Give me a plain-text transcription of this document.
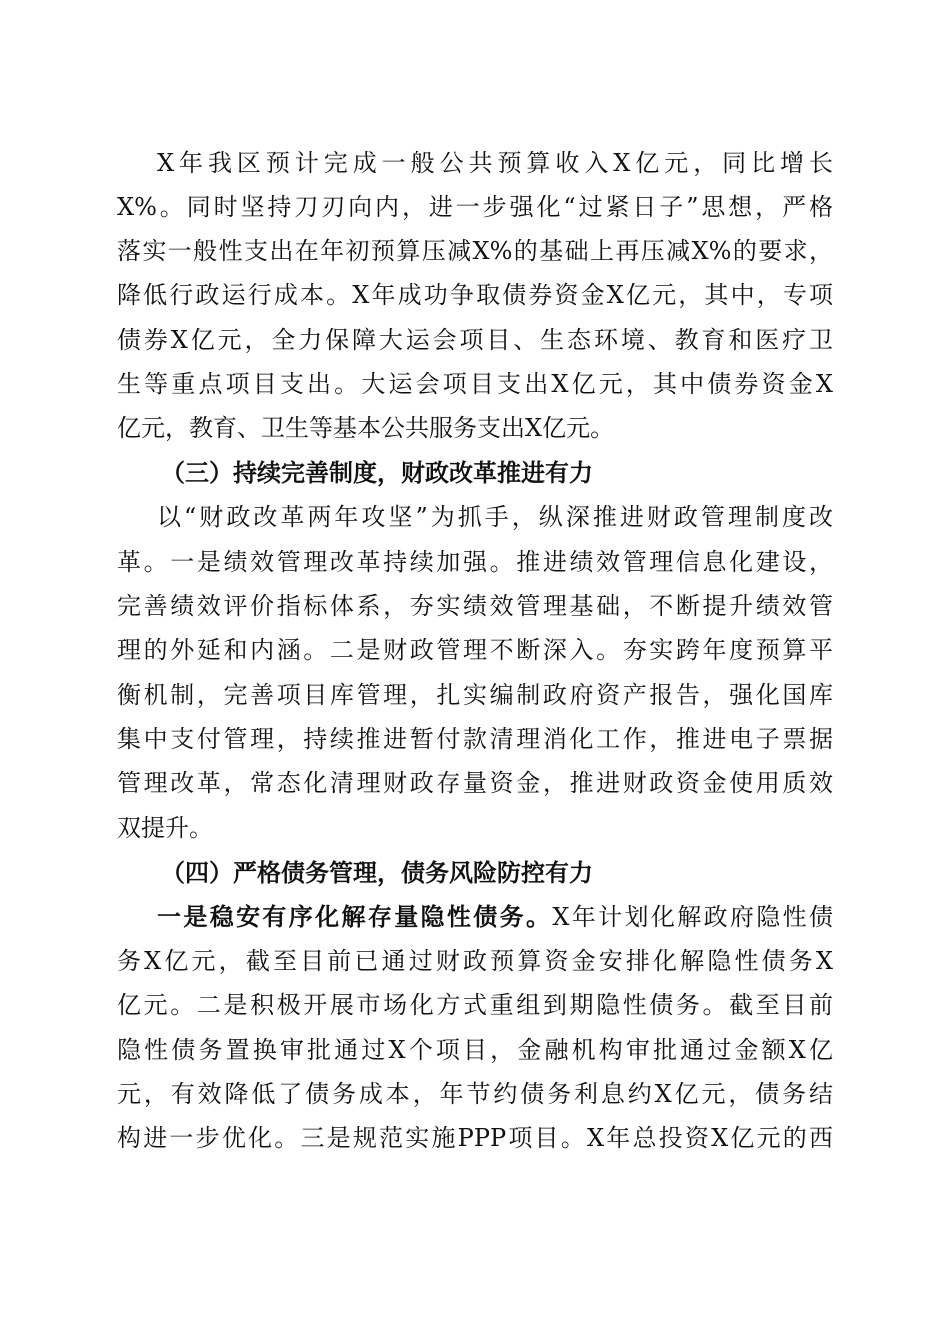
X年我区预计完成一般公共预算收入X亿元，同比增长
X%。同时坚持刀刃向内，进一步强化“过紧日子”思想，严格
落实一般性支出在年初预算压减X%的基础上再压减X%的要求，
降低行政运行成本。X年成功争取债券资金X亿元，其中，专项
债券X亿元，全力保障大运会项目、生态环境、教育和医疗卫
生等重点项目支出。大运会项目支出X亿元，其中债券资金X
亿元，教育、卫生等基本公共服务支出X亿元。
（三）持续完善制度，财政改革推进有力
以“财政改革两年攻坚”为抓手，纵深推进财政管理制度改
革。一是绩效管理改革持续加强。推进绩效管理信息化建设，
完善绩效评价指标体系，夯实绩效管理基础，不断提升绩效管
理的外延和内涵。二是财政管理不断深入。夯实跨年度预算平
衡机制，完善项目库管理，扎实编制政府资产报告，强化国库
集中支付管理，持续推进暂付款清理消化工作，推进电子票据
管理改革，常态化清理财政存量资金，推进财政资金使用质效
双提升。
（四）严格债务管理，债务风险防控有力
一是稳安有序化解存量隐性债务。X年计划化解政府隐性债
务X亿元，截至目前已通过财政预算资金安排化解隐性债务X
亿元。二是积极开展市场化方式重组到期隐性债务。截至目前
隐性债务置换审批通过X个项目，金融机构审批通过金额X亿
元，有效降低了债务成本，年节约债务利息约X亿元，债务结
构进一步优化。三是规范实施PPP项目。X年总投资X亿元的西
